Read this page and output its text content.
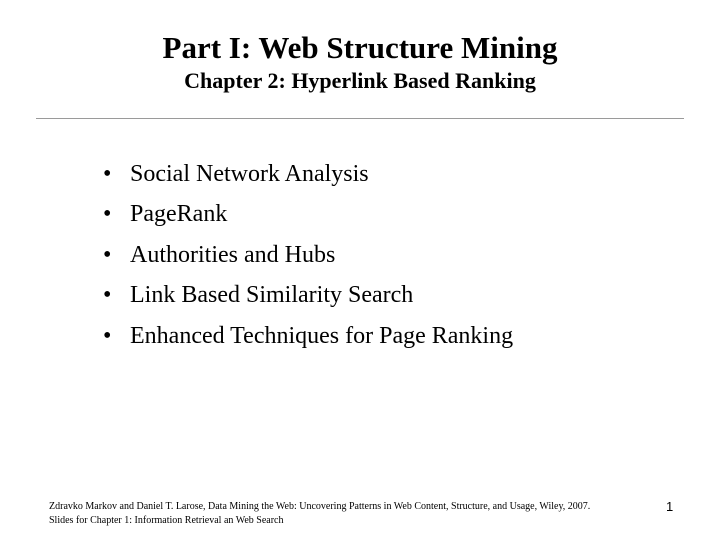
Part I: Web Structure Mining
Chapter 2: Hyperlink Based Ranking
• Social Network Analysis
• PageRank
• Authorities and Hubs
• Link Based Similarity Search
• Enhanced Techniques for Page Ranking
Zdravko Markov and Daniel T. Larose, Data Mining the Web: Uncovering Patterns in Web Content, Structure, and Usage, Wiley, 2007.
Slides for Chapter 1: Information Retrieval an Web Search
1
